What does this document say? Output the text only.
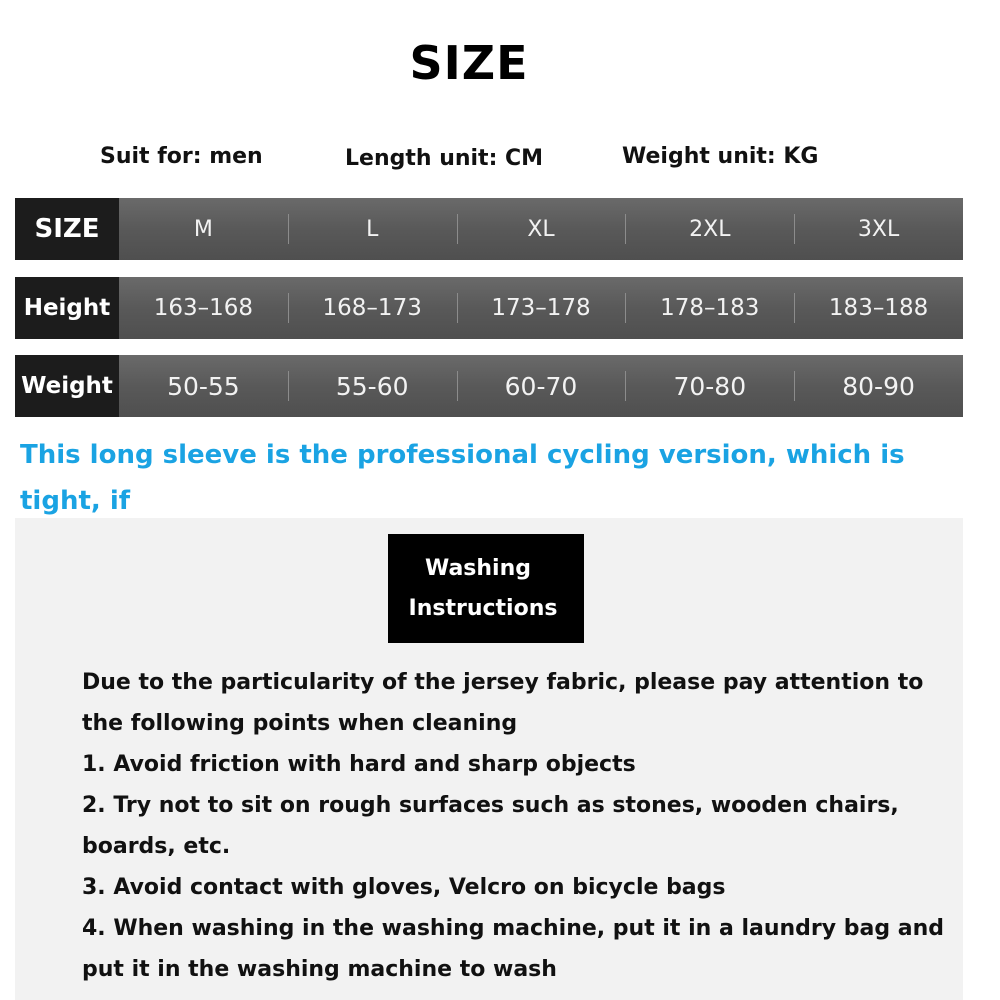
SIZE
Suit for: men	Length unit: CM	Weight unit: KG
SIZE	M	L	XL	2XL	3XL
Height	163–168	168–173	173–178	178–183	183–188
Weight	50-55	55-60	60-70	70-80	80-90
This long sleeve is the professional cycling version, which is tight, if
Washing
Instructions
Due to the particularity of the jersey fabric, please pay attention to
the following points when cleaning
1. Avoid friction with hard and sharp objects
2. Try not to sit on rough surfaces such as stones, wooden chairs,
boards, etc.
3. Avoid contact with gloves, Velcro on bicycle bags
4. When washing in the washing machine, put it in a laundry bag and
put it in the washing machine to wash
